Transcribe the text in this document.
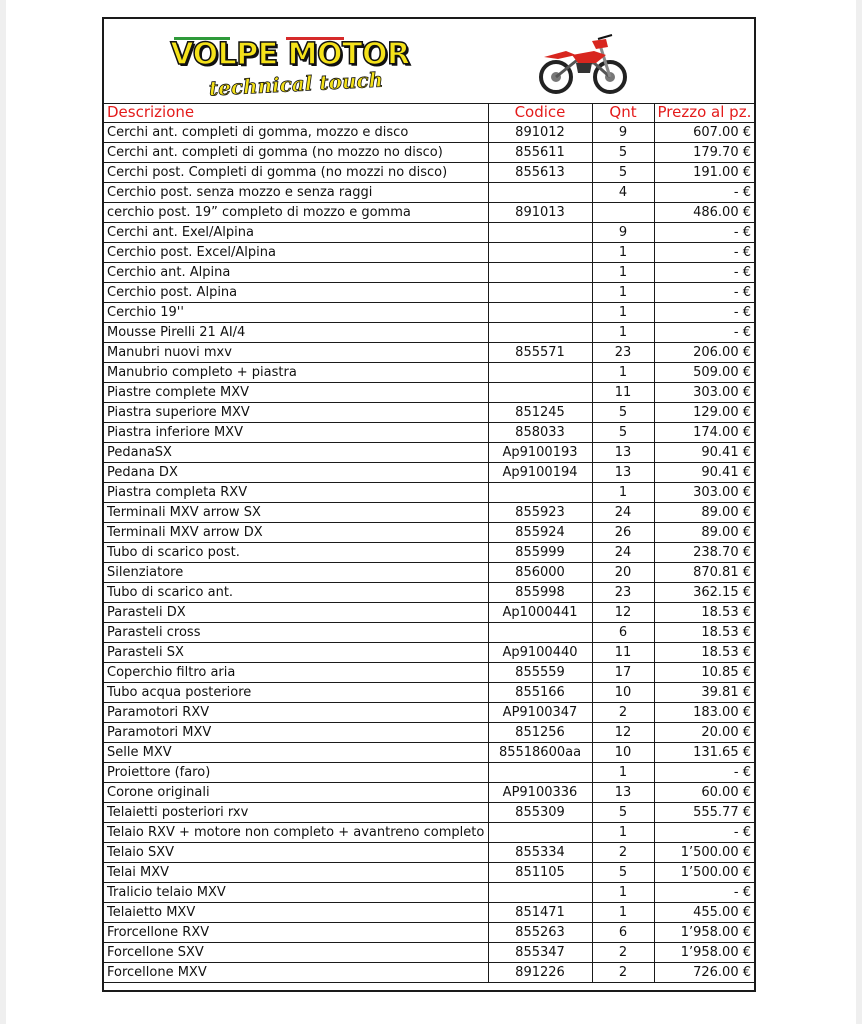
VOLPE MOTOR
technical touch
Descrizione	Codice	Qnt	Prezzo al pz.
Cerchi ant. completi di gomma, mozzo e disco	891012	9	607.00 €
Cerchi ant. completi di gomma (no mozzo no disco)	855611	5	179.70 €
Cerchi post. Completi di gomma (no mozzi no disco)	855613	5	191.00 €
Cerchio post. senza mozzo e senza raggi		4	- €
cerchio post. 19” completo di mozzo e gomma	891013		486.00 €
Cerchi ant. Exel/Alpina		9	- €
Cerchio post. Excel/Alpina		1	- €
Cerchio ant. Alpina		1	- €
Cerchio post. Alpina		1	- €
Cerchio 19''		1	- €
Mousse Pirelli 21 AI/4		1	- €
Manubri nuovi mxv	855571	23	206.00 €
Manubrio completo + piastra		1	509.00 €
Piastre complete MXV		11	303.00 €
Piastra superiore MXV	851245	5	129.00 €
Piastra inferiore MXV	858033	5	174.00 €
PedanaSX	Ap9100193	13	90.41 €
Pedana DX	Ap9100194	13	90.41 €
Piastra completa RXV		1	303.00 €
Terminali MXV arrow SX	855923	24	89.00 €
Terminali MXV arrow DX	855924	26	89.00 €
Tubo di scarico post.	855999	24	238.70 €
Silenziatore	856000	20	870.81 €
Tubo di scarico ant.	855998	23	362.15 €
Parasteli DX	Ap1000441	12	18.53 €
Parasteli cross		6	18.53 €
Parasteli SX	Ap9100440	11	18.53 €
Coperchio filtro aria	855559	17	10.85 €
Tubo acqua posteriore	855166	10	39.81 €
Paramotori RXV	AP9100347	2	183.00 €
Paramotori MXV	851256	12	20.00 €
Selle MXV	85518600aa	10	131.65 €
Proiettore (faro)		1	- €
Corone originali	AP9100336	13	60.00 €
Telaietti posteriori rxv	855309	5	555.77 €
Telaio RXV + motore non completo + avantreno completo		1	- €
Telaio SXV	855334	2	1’500.00 €
Telai MXV	851105	5	1’500.00 €
Tralicio telaio MXV		1	- €
Telaietto MXV	851471	1	455.00 €
Frorcellone RXV	855263	6	1’958.00 €
Forcellone SXV	855347	2	1’958.00 €
Forcellone MXV	891226	2	726.00 €
